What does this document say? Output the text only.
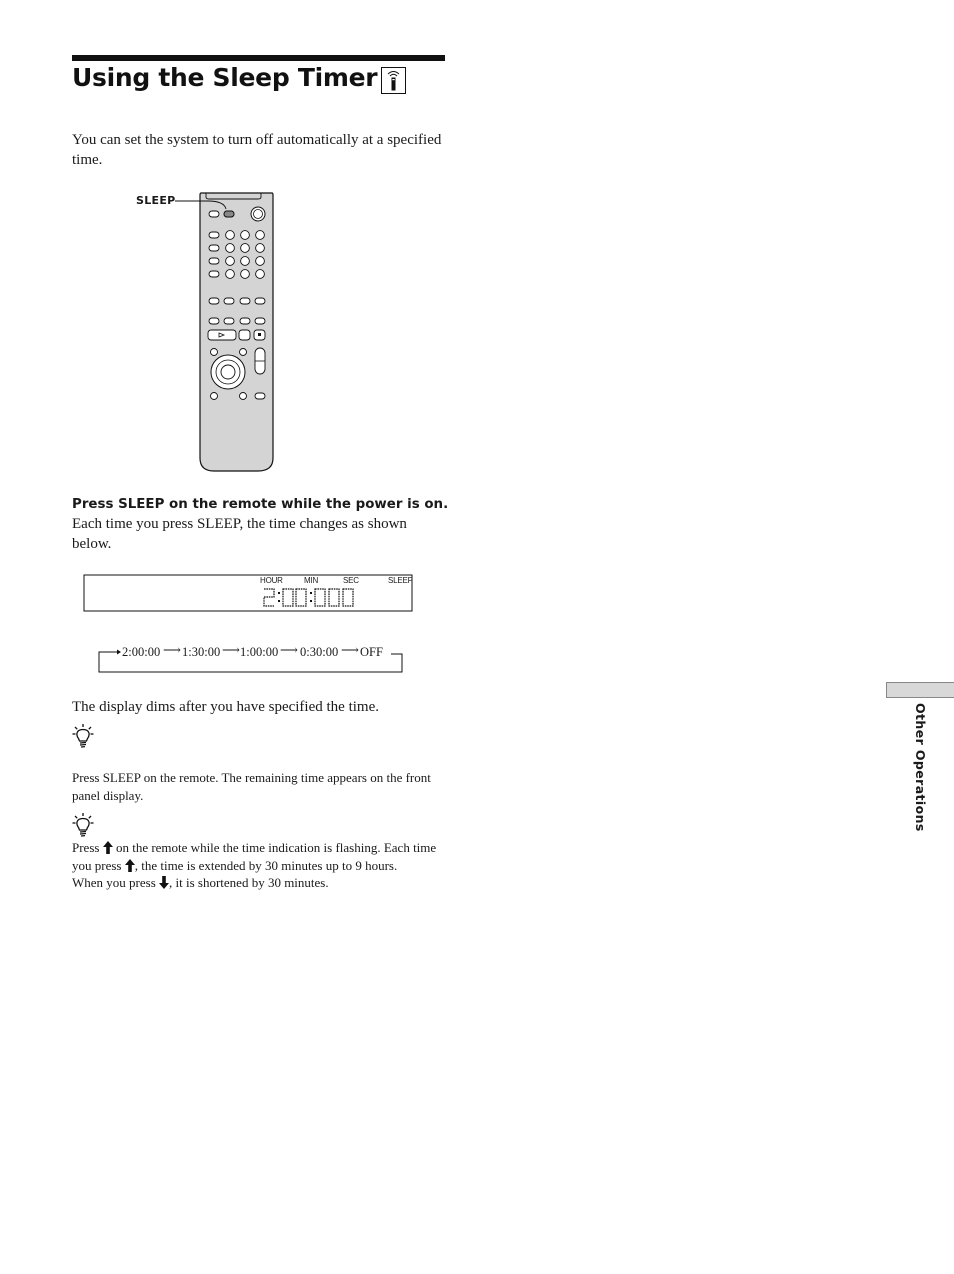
Using the Sleep Timer

You can set the system to turn off automatically at a specified time.

SLEEP
Press SLEEP on the remote while the power is on.

Each time you press SLEEP, the time changes as shown below.

HOUR	MIN	SEC	SLEEP
2:00:00 ⟶ 1:30:00 ⟶ 1:00:00 ⟶ 0:30:00 ⟶ OFF

The display dims after you have specified the time.

Press SLEEP on the remote. The remaining time appears on the front panel display.

Press on the remote while the time indication is flashing. Each time you press , the time is extended by 30 minutes up to 9 hours.
When you press , it is shortened by 30 minutes.
Other Operations
